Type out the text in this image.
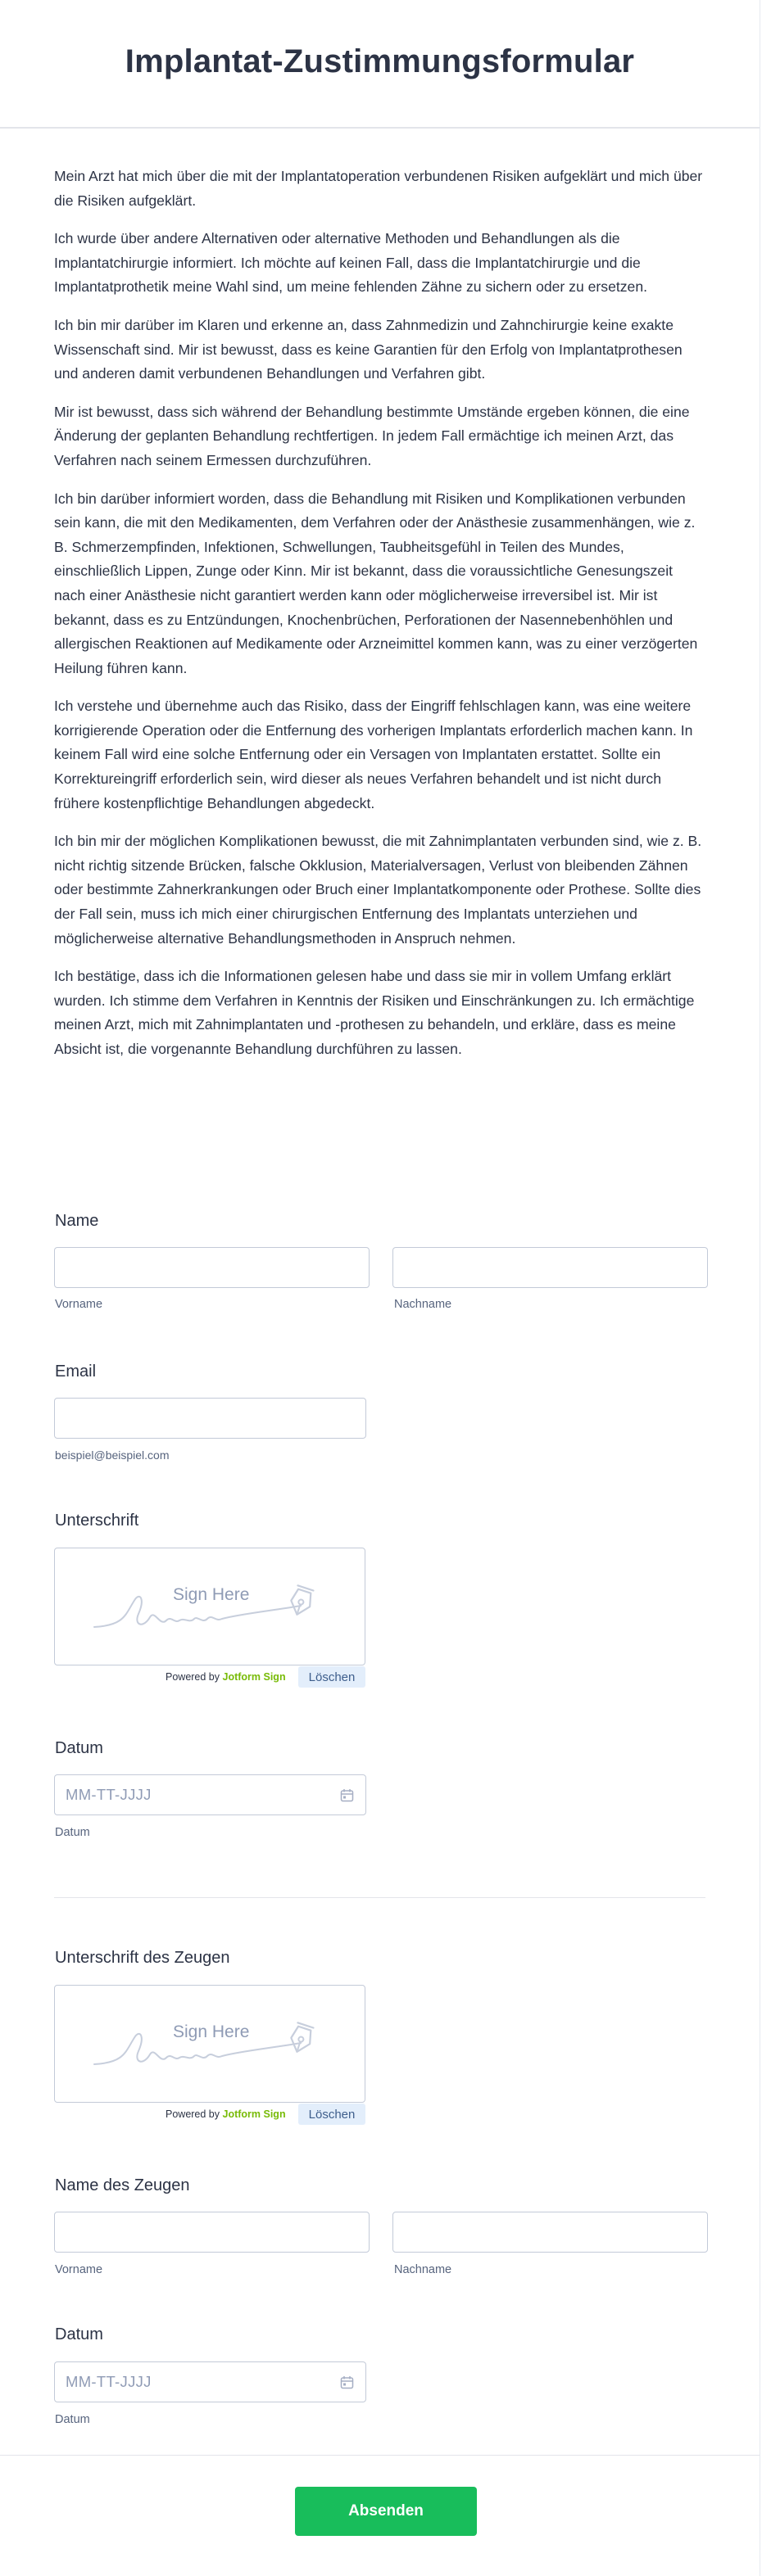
Implantat-Zustimmungsformular

Mein Arzt hat mich über die mit der Implantatoperation verbundenen Risiken aufgeklärt und mich über die Risiken aufgeklärt.

Ich wurde über andere Alternativen oder alternative Methoden und Behandlungen als die Implantatchirurgie informiert. Ich möchte auf keinen Fall, dass die Implantatchirurgie und die Implantatprothetik meine Wahl sind, um meine fehlenden Zähne zu sichern oder zu ersetzen.

Ich bin mir darüber im Klaren und erkenne an, dass Zahnmedizin und Zahnchirurgie keine exakte Wissenschaft sind. Mir ist bewusst, dass es keine Garantien für den Erfolg von Implantatprothesen und anderen damit verbundenen Behandlungen und Verfahren gibt.

Mir ist bewusst, dass sich während der Behandlung bestimmte Umstände ergeben können, die eine Änderung der geplanten Behandlung rechtfertigen. In jedem Fall ermächtige ich meinen Arzt, das Verfahren nach seinem Ermessen durchzuführen.

Ich bin darüber informiert worden, dass die Behandlung mit Risiken und Komplikationen verbunden sein kann, die mit den Medikamenten, dem Verfahren oder der Anästhesie zusammenhängen, wie z. B. Schmerzempfinden, Infektionen, Schwellungen, Taubheitsgefühl in Teilen des Mundes, einschließlich Lippen, Zunge oder Kinn. Mir ist bekannt, dass die voraussichtliche Genesungszeit nach einer Anästhesie nicht garantiert werden kann oder möglicherweise irreversibel ist. Mir ist bekannt, dass es zu Entzündungen, Knochenbrüchen, Perforationen der Nasennebenhöhlen und allergischen Reaktionen auf Medikamente oder Arzneimittel kommen kann, was zu einer verzögerten Heilung führen kann.

Ich verstehe und übernehme auch das Risiko, dass der Eingriff fehlschlagen kann, was eine weitere korrigierende Operation oder die Entfernung des vorherigen Implantats erforderlich machen kann. In keinem Fall wird eine solche Entfernung oder ein Versagen von Implantaten erstattet. Sollte ein Korrektureingriff erforderlich sein, wird dieser als neues Verfahren behandelt und ist nicht durch frühere kostenpflichtige Behandlungen abgedeckt.

Ich bin mir der möglichen Komplikationen bewusst, die mit Zahnimplantaten verbunden sind, wie z. B. nicht richtig sitzende Brücken, falsche Okklusion, Materialversagen, Verlust von bleibenden Zähnen oder bestimmte Zahnerkrankungen oder Bruch einer Implantatkomponente oder Prothese. Sollte dies der Fall sein, muss ich mich einer chirurgischen Entfernung des Implantats unterziehen und möglicherweise alternative Behandlungsmethoden in Anspruch nehmen.

Ich bestätige, dass ich die Informationen gelesen habe und dass sie mir in vollem Umfang erklärt wurden. Ich stimme dem Verfahren in Kenntnis der Risiken und Einschränkungen zu. Ich ermächtige meinen Arzt, mich mit Zahnimplantaten und -prothesen zu behandeln, und erkläre, dass es meine Absicht ist, die vorgenannte Behandlung durchführen zu lassen.

Name
Vorname	Nachname
Email
beispiel@beispiel.com
Unterschrift
Sign Here
Powered by Jotform Sign	Löschen
Datum
MM-TT-JJJJ
Datum
Unterschrift des Zeugen
Sign Here
Powered by Jotform Sign	Löschen
Name des Zeugen
Vorname	Nachname
Datum
MM-TT-JJJJ
Datum
Absenden
